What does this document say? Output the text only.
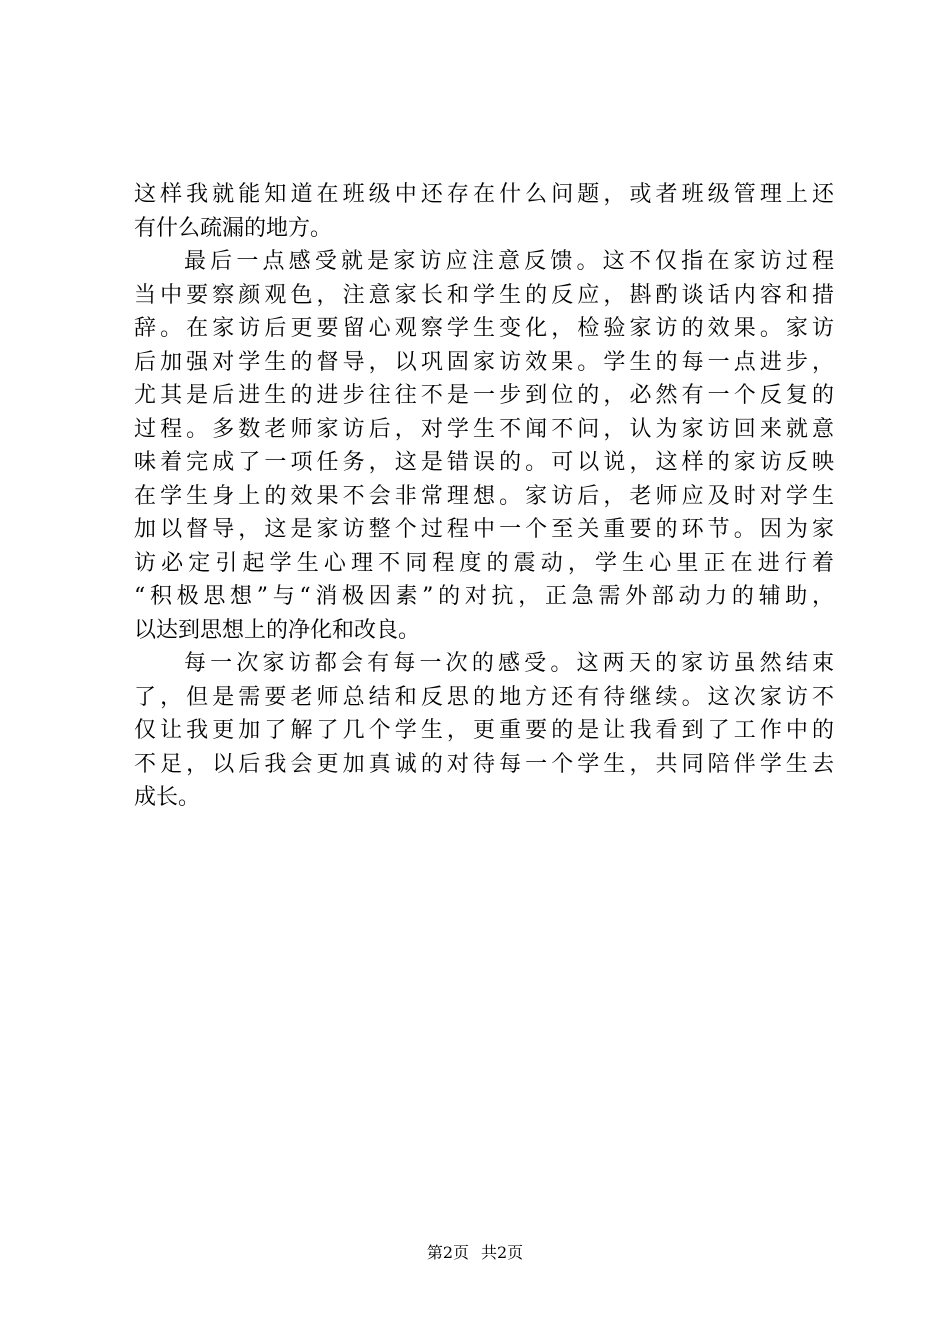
这样我就能知道在班级中还存在什么问题，或者班级管理上还
有什么疏漏的地方。
最后一点感受就是家访应注意反馈。这不仅指在家访过程
当中要察颜观色，注意家长和学生的反应，斟酌谈话内容和措
辞。在家访后更要留心观察学生变化，检验家访的效果。家访
后加强对学生的督导，以巩固家访效果。学生的每一点进步，
尤其是后进生的进步往往不是一步到位的，必然有一个反复的
过程。多数老师家访后，对学生不闻不问，认为家访回来就意
味着完成了一项任务，这是错误的。可以说，这样的家访反映
在学生身上的效果不会非常理想。家访后，老师应及时对学生
加以督导，这是家访整个过程中一个至关重要的环节。因为家
访必定引起学生心理不同程度的震动，学生心里正在进行着
“积极思想”与“消极因素”的对抗，正急需外部动力的辅助，
以达到思想上的净化和改良。
每一次家访都会有每一次的感受。这两天的家访虽然结束
了，但是需要老师总结和反思的地方还有待继续。这次家访不
仅让我更加了解了几个学生，更重要的是让我看到了工作中的
不足，以后我会更加真诚的对待每一个学生，共同陪伴学生去
成长。
第2页 共2页
